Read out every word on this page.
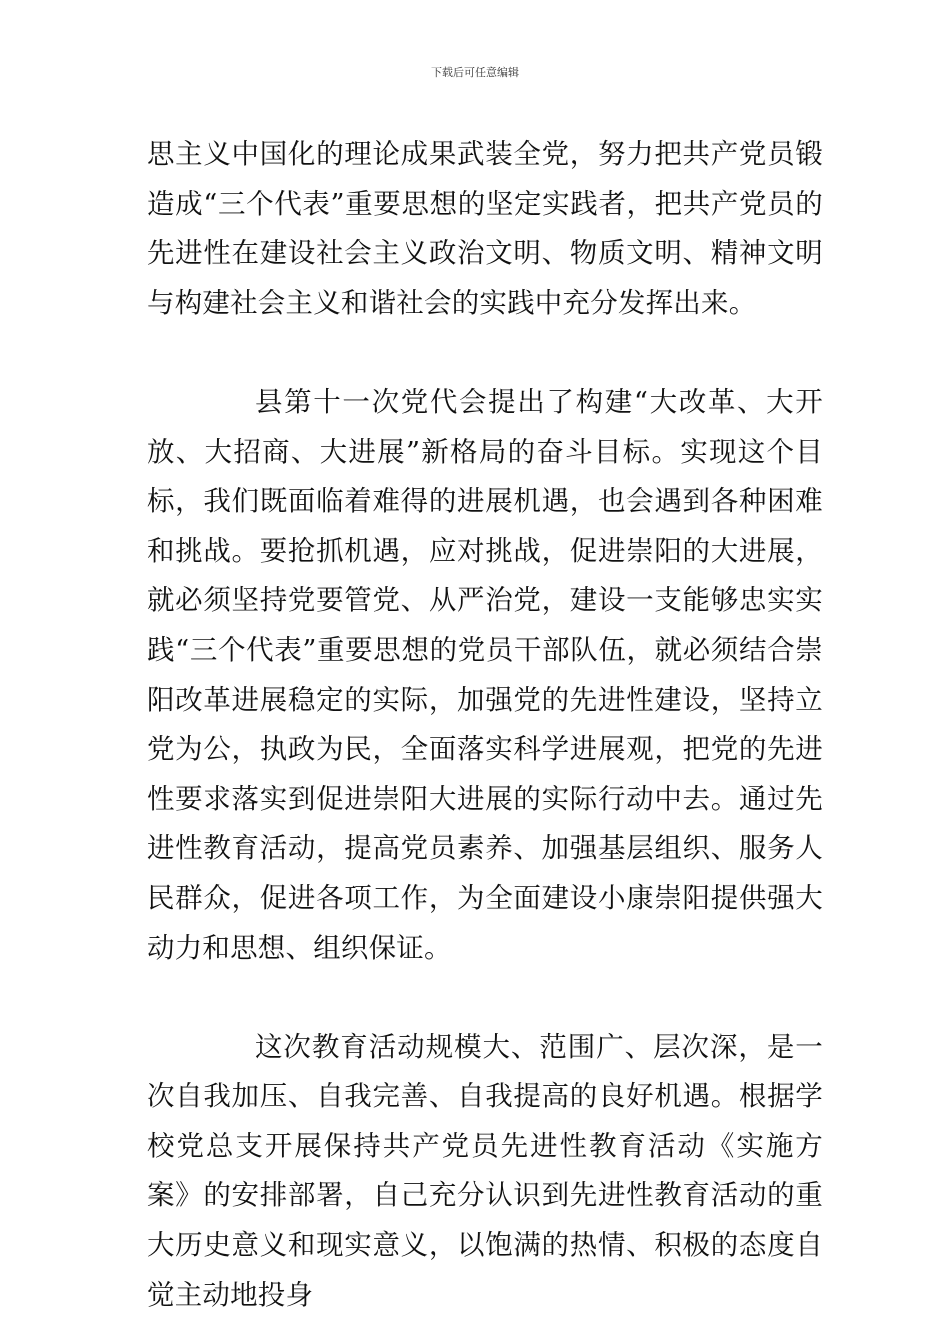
下载后可任意编辑

思主义中国化的理论成果武装全党，努力把共产党员锻造成“三个代表”重要思想的坚定实践者，把共产党员的先进性在建设社会主义政治文明、物质文明、精神文明与构建社会主义和谐社会的实践中充分发挥出来。

县第十一次党代会提出了构建“大改革、大开放、大招商、大进展”新格局的奋斗目标。实现这个目标，我们既面临着难得的进展机遇，也会遇到各种困难和挑战。要抢抓机遇，应对挑战，促进崇阳的大进展，就必须坚持党要管党、从严治党，建设一支能够忠实实践“三个代表”重要思想的党员干部队伍，就必须结合崇阳改革进展稳定的实际，加强党的先进性建设，坚持立党为公，执政为民，全面落实科学进展观，把党的先进性要求落实到促进崇阳大进展的实际行动中去。通过先进性教育活动，提高党员素养、加强基层组织、服务人民群众，促进各项工作，为全面建设小康崇阳提供强大动力和思想、组织保证。

这次教育活动规模大、范围广、层次深，是一次自我加压、自我完善、自我提高的良好机遇。根据学校党总支开展保持共产党员先进性教育活动《实施方案》的安排部署，自己充分认识到先进性教育活动的重大历史意义和现实意义，以饱满的热情、积极的态度自觉主动地投身
